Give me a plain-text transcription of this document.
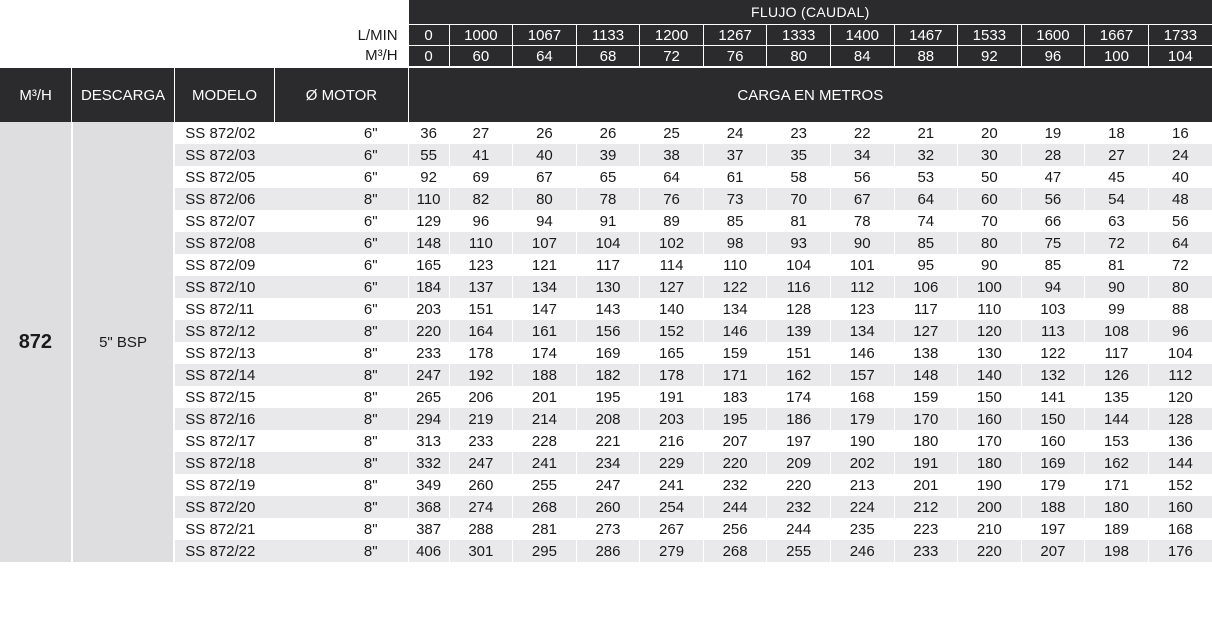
				FLUJO (CAUDAL)												
			L/MIN	0	1000	1067	1133	1200	1267	1333	1400	1467	1533	1600	1667	1733
			M³/H	0	60	64	68	72	76	80	84	88	92	96	100	104
M³/H	DESCARGA	MODELO	Ø MOTOR	CARGA EN METROS												
872	5" BSP	SS 872/02	6"	36	27	26	26	25	24	23	22	21	20	19	18	16
		SS 872/03	6"	55	41	40	39	38	37	35	34	32	30	28	27	24
		SS 872/05	6"	92	69	67	65	64	61	58	56	53	50	47	45	40
		SS 872/06	8"	110	82	80	78	76	73	70	67	64	60	56	54	48
		SS 872/07	6"	129	96	94	91	89	85	81	78	74	70	66	63	56
		SS 872/08	6"	148	110	107	104	102	98	93	90	85	80	75	72	64
		SS 872/09	6"	165	123	121	117	114	110	104	101	95	90	85	81	72
		SS 872/10	6"	184	137	134	130	127	122	116	112	106	100	94	90	80
		SS 872/11	6"	203	151	147	143	140	134	128	123	117	110	103	99	88
		SS 872/12	8"	220	164	161	156	152	146	139	134	127	120	113	108	96
		SS 872/13	8"	233	178	174	169	165	159	151	146	138	130	122	117	104
		SS 872/14	8"	247	192	188	182	178	171	162	157	148	140	132	126	112
		SS 872/15	8"	265	206	201	195	191	183	174	168	159	150	141	135	120
		SS 872/16	8"	294	219	214	208	203	195	186	179	170	160	150	144	128
		SS 872/17	8"	313	233	228	221	216	207	197	190	180	170	160	153	136
		SS 872/18	8"	332	247	241	234	229	220	209	202	191	180	169	162	144
		SS 872/19	8"	349	260	255	247	241	232	220	213	201	190	179	171	152
		SS 872/20	8"	368	274	268	260	254	244	232	224	212	200	188	180	160
		SS 872/21	8"	387	288	281	273	267	256	244	235	223	210	197	189	168
		SS 872/22	8"	406	301	295	286	279	268	255	246	233	220	207	198	176
